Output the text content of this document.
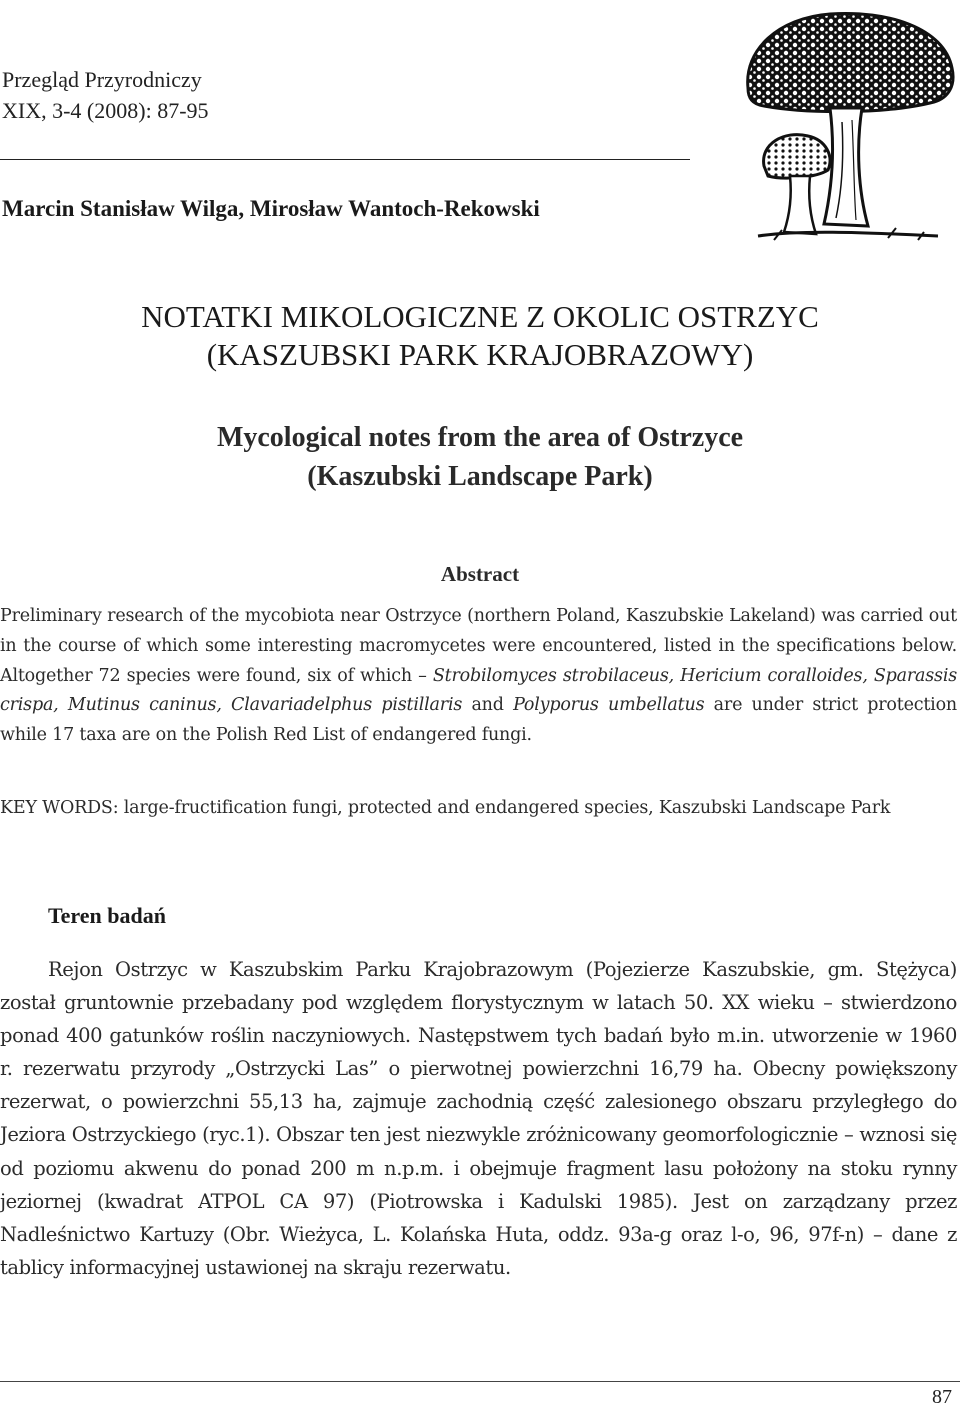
Przegląd Przyrodniczy
XIX, 3-4 (2008): 87-95
Marcin Stanisław Wilga, Mirosław Wantoch-Rekowski
NOTATKI MIKOLOGICZNE Z OKOLIC OSTRZYC
(KASZUBSKI PARK KRAJOBRAZOWY)
Mycological notes from the area of Ostrzyce
(Kaszubski Landscape Park)
Abstract

Preliminary research of the mycobiota near Ostrzyce (northern Poland, Kaszubskie Lakeland) was carried out in the course of which some interesting macromycetes were encountered, listed in the specifications below. Altogether 72 species were found, six of which – Strobilomyces strobilaceus, Hericium coralloides, Sparassis crispa, Mutinus caninus, Clavariadelphus pistillaris and Polyporus umbellatus are under strict protection while 17 taxa are on the Polish Red List of endangered fungi.

KEY WORDS: large-fructification fungi, protected and endangered species, Kaszubski Landscape Park
Teren badań

Rejon Ostrzyc w Kaszubskim Parku Krajobrazowym (Pojezierze Kaszubskie, gm. Stężyca) został gruntownie przebadany pod względem florystycznym w latach 50. XX wieku – stwierdzono ponad 400 gatunków roślin naczyniowych. Następstwem tych badań było m.in. utworzenie w 1960 r. rezerwatu przyrody „Ostrzycki Las” o pierwotnej powierzchni 16,79 ha. Obecny powiększony rezerwat, o powierzchni 55,13 ha, zajmuje zachodnią część zalesionego obszaru przyległego do Jeziora Ostrzyckiego (ryc.1). Obszar ten jest niezwykle zróżnicowany geomorfologicznie – wznosi się od poziomu akwenu do ponad 200 m n.p.m. i obejmuje fragment lasu położony na stoku rynny jeziornej (kwadrat ATPOL CA 97) (Piotrowska i Kadulski 1985). Jest on zarządzany przez Nadleśnictwo Kartuzy (Obr. Wieżyca, L. Kolańska Huta, oddz. 93a-g oraz l-o, 96, 97f-n) – dane z tablicy informacyjnej ustawionej na skraju rezerwatu.

87
